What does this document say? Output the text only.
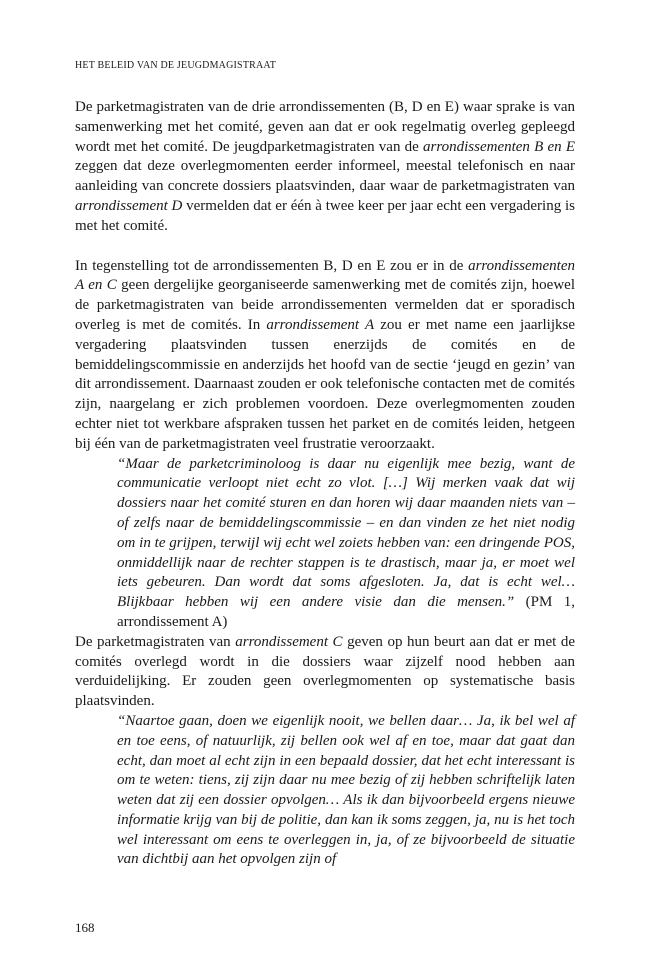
HET BELEID VAN DE JEUGDMAGISTRAAT

De parketmagistraten van de drie arrondissementen (B, D en E) waar sprake is van samenwerking met het comité, geven aan dat er ook regelmatig overleg gepleegd wordt met het comité. De jeugdparketmagistraten van de arrondissementen B en E zeggen dat deze overlegmomenten eerder informeel, meestal telefonisch en naar aanleiding van concrete dossiers plaatsvinden, daar waar de parketmagistraten van arrondissement D vermelden dat er één à twee keer per jaar echt een vergadering is met het comité.

In tegenstelling tot de arrondissementen B, D en E zou er in de arrondissementen A en C geen dergelijke georganiseerde samenwerking met de comités zijn, hoewel de parketmagistraten van beide arrondissementen vermelden dat er sporadisch overleg is met de comités. In arrondissement A zou er met name een jaarlijkse vergadering plaatsvinden tussen enerzijds de comités en de bemiddelingscommissie en anderzijds het hoofd van de sectie ‘jeugd en gezin’ van dit arrondissement. Daarnaast zouden er ook telefonische contacten met de comités zijn, naargelang er zich problemen voordoen. Deze overlegmomenten zouden echter niet tot werkbare afspraken tussen het parket en de comités leiden, hetgeen bij één van de parketmagistraten veel frustratie veroorzaakt.

“Maar de parketcriminoloog is daar nu eigenlijk mee bezig, want de communicatie verloopt niet echt zo vlot. […] Wij merken vaak dat wij dossiers naar het comité sturen en dan horen wij daar maanden niets van – of zelfs naar de bemiddelingscommissie – en dan vinden ze het niet nodig om in te grijpen, terwijl wij echt wel zoiets hebben van: een dringende POS, onmiddellijk naar de rechter stappen is te drastisch, maar ja, er moet wel iets gebeuren. Dan wordt dat soms afgesloten. Ja, dat is echt wel… Blijkbaar hebben wij een andere visie dan die mensen.” (PM 1, arrondissement A)

De parketmagistraten van arrondissement C geven op hun beurt aan dat er met de comités overlegd wordt in die dossiers waar zijzelf nood hebben aan verduidelijking. Er zouden geen overlegmomenten op systematische basis plaatsvinden.

“Naartoe gaan, doen we eigenlijk nooit, we bellen daar… Ja, ik bel wel af en toe eens, of natuurlijk, zij bellen ook wel af en toe, maar dat gaat dan echt, dan moet al echt zijn in een bepaald dossier, dat het echt interessant is om te weten: tiens, zij zijn daar nu mee bezig of zij hebben schriftelijk laten weten dat zij een dossier opvolgen… Als ik dan bijvoorbeeld ergens nieuwe informatie krijg van bij de politie, dan kan ik soms zeggen, ja, nu is het toch wel interessant om eens te overleggen in, ja, of ze bijvoorbeeld de situatie van dichtbij aan het opvolgen zijn of

168
